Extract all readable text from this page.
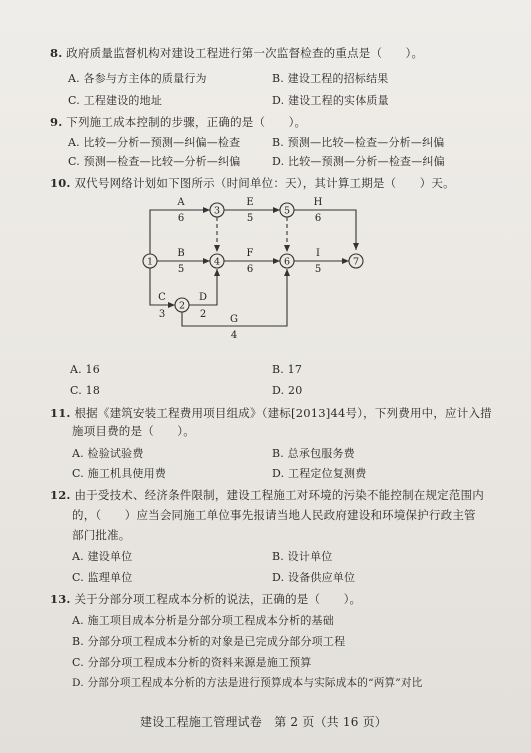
8. 政府质量监督机构对建设工程进行第一次监督检查的重点是（　　）。
A. 各参与方主体的质量行为	B. 建设工程的招标结果
C. 工程建设的地址	D. 建设工程的实体质量
9. 下列施工成本控制的步骤，正确的是（　　）。
A. 比较—分析—预测—纠偏—检查	B. 预测—比较—检查—分析—纠偏
C. 预测—检查—比较—分析—纠偏	D. 比较—预测—分析—检查—纠偏
10. 双代号网络计划如下图所示（时间单位：天），其计算工期是（　　）天。
1
2
3
4
5
6	7
A
6
E
5
H
6
B
5
F
6
I
5
C
3
D
2 G
4
A. 16	B. 17
C. 18	D. 20
11. 根据《建筑安装工程费用项目组成》（建标[2013]44号），下列费用中，应计入措
施项目费的是（　　）。
A. 检验试验费	B. 总承包服务费
C. 施工机具使用费	D. 工程定位复测费
12. 由于受技术、经济条件限制，建设工程施工对环境的污染不能控制在规定范围内
的，（　　）应当会同施工单位事先报请当地人民政府建设和环境保护行政主管
部门批准。
A. 建设单位	B. 设计单位
C. 监理单位	D. 设备供应单位
13. 关于分部分项工程成本分析的说法，正确的是（　　）。
A. 施工项目成本分析是分部分项工程成本分析的基础
B. 分部分项工程成本分析的对象是已完成分部分项工程
C. 分部分项工程成本分析的资料来源是施工预算
D. 分部分项工程成本分析的方法是进行预算成本与实际成本的“两算”对比
建设工程施工管理试卷　第 2 页（共 16 页）
